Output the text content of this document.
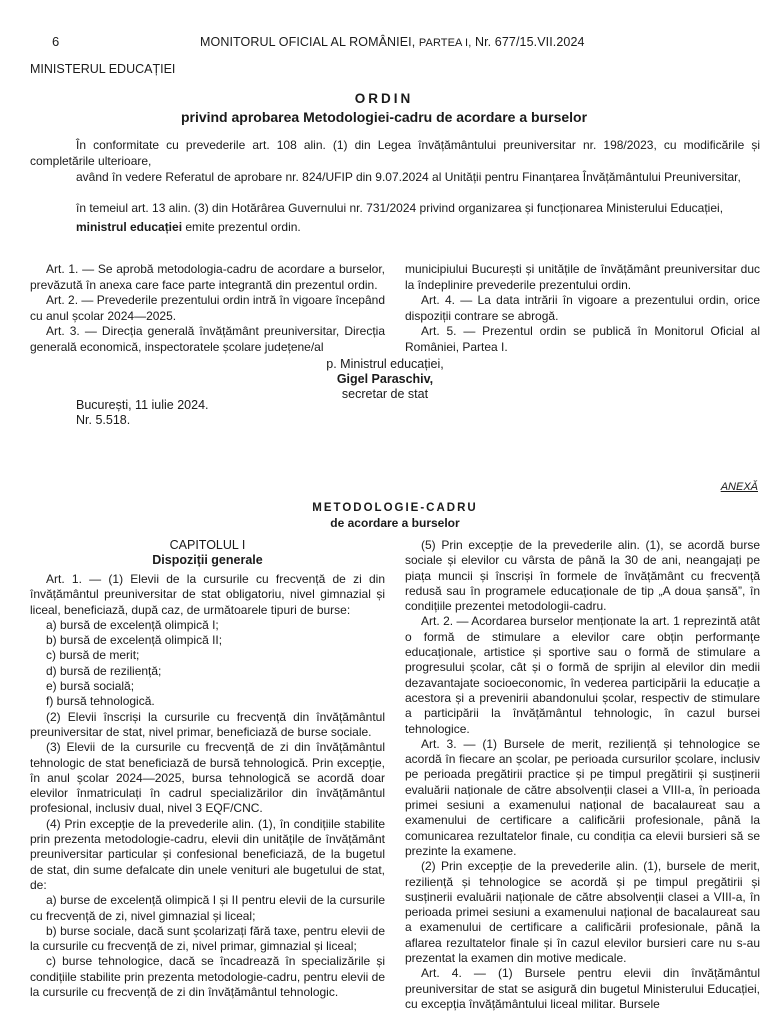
6	MONITORUL OFICIAL AL ROMÂNIEI, PARTEA I, Nr. 677/15.VII.2024
MINISTERUL EDUCAȚIEI
ORDIN
privind aprobarea Metodologiei-cadru de acordare a burselor
În conformitate cu prevederile art. 108 alin. (1) din Legea învățământului preuniversitar nr. 198/2023, cu modificările și completările ulterioare,
având în vedere Referatul de aprobare nr. 824/UFIP din 9.07.2024 al Unității pentru Finanțarea Învățământului Preuniversitar,
în temeiul art. 13 alin. (3) din Hotărârea Guvernului nr. 731/2024 privind organizarea și funcționarea Ministerului Educației,
ministrul educației emite prezentul ordin.

Art. 1. — Se aprobă metodologia-cadru de acordare a burselor, prevăzută în anexa care face parte integrantă din prezentul ordin.

Art. 2. — Prevederile prezentului ordin intră în vigoare începând cu anul școlar 2024—2025.

Art. 3. — Direcția generală învățământ preuniversitar, Direcția generală economică, inspectoratele școlare județene/al

municipiului București și unitățile de învățământ preuniversitar duc la îndeplinire prevederile prezentului ordin.

Art. 4. — La data intrării în vigoare a prezentului ordin, orice dispoziții contrare se abrogă.

Art. 5. — Prezentul ordin se publică în Monitorul Oficial al României, Partea I.

p. Ministrul educației,
Gigel Paraschiv,
secretar de stat
București, 11 iulie 2024.
Nr. 5.518.
ANEXĂ
METODOLOGIE-CADRU
de acordare a burselor
CAPITOLUL I
Dispoziții generale

Art. 1. — (1) Elevii de la cursurile cu frecvență de zi din învățământul preuniversitar de stat obligatoriu, nivel gimnazial și liceal, beneficiază, după caz, de următoarele tipuri de burse:

a) bursă de excelență olimpică I;

b) bursă de excelență olimpică II;

c) bursă de merit;

d) bursă de reziliență;

e) bursă socială;

f) bursă tehnologică.

(2) Elevii înscriși la cursurile cu frecvență din învățământul preuniversitar de stat, nivel primar, beneficiază de burse sociale.

(3) Elevii de la cursurile cu frecvență de zi din învățământul tehnologic de stat beneficiază de bursă tehnologică. Prin excepție, în anul școlar 2024—2025, bursa tehnologică se acordă doar elevilor înmatriculați în cadrul specializărilor din învățământul profesional, inclusiv dual, nivel 3 EQF/CNC.

(4) Prin excepție de la prevederile alin. (1), în condițiile stabilite prin prezenta metodologie-cadru, elevii din unitățile de învățământ preuniversitar particular și confesional beneficiază, de la bugetul de stat, din sume defalcate din unele venituri ale bugetului de stat, de:

a) burse de excelență olimpică I și II pentru elevii de la cursurile cu frecvență de zi, nivel gimnazial și liceal;

b) burse sociale, dacă sunt școlarizați fără taxe, pentru elevii de la cursurile cu frecvență de zi, nivel primar, gimnazial și liceal;

c) burse tehnologice, dacă se încadrează în specializările și condițiile stabilite prin prezenta metodologie-cadru, pentru elevii de la cursurile cu frecvență de zi din învățământul tehnologic.

(5) Prin excepție de la prevederile alin. (1), se acordă burse sociale și elevilor cu vârsta de până la 30 de ani, neangajați pe piața muncii și înscriși în formele de învățământ cu frecvență redusă sau în programele educaționale de tip „A doua șansă”, în condițiile prezentei metodologii-cadru.

Art. 2. — Acordarea burselor menționate la art. 1 reprezintă atât o formă de stimulare a elevilor care obțin performanțe educaționale, artistice și sportive sau o formă de stimulare a progresului școlar, cât și o formă de sprijin al elevilor din medii dezavantajate socioeconomic, în vederea participării la educație a acestora și a prevenirii abandonului școlar, respectiv de stimulare a participării la învățământul tehnologic, în cazul bursei tehnologice.

Art. 3. — (1) Bursele de merit, reziliență și tehnologice se acordă în fiecare an școlar, pe perioada cursurilor școlare, inclusiv pe perioada pregătirii practice și pe timpul pregătirii și susținerii evaluării naționale de către absolvenții clasei a VIII-a, în perioada primei sesiuni a examenului național de bacalaureat sau a examenului de certificare a calificării profesionale, până la comunicarea rezultatelor finale, cu condiția ca elevii bursieri să se prezinte la examene.

(2) Prin excepție de la prevederile alin. (1), bursele de merit, reziliență și tehnologice se acordă și pe timpul pregătirii și susținerii evaluării naționale de către absolvenții clasei a VIII-a, în perioada primei sesiuni a examenului național de bacalaureat sau a examenului de certificare a calificării profesionale, până la aflarea rezultatelor finale și în cazul elevilor bursieri care nu s-au prezentat la examen din motive medicale.

Art. 4. — (1) Bursele pentru elevii din învățământul preuniversitar de stat se asigură din bugetul Ministerului Educației, cu excepția învățământului liceal militar. Bursele
